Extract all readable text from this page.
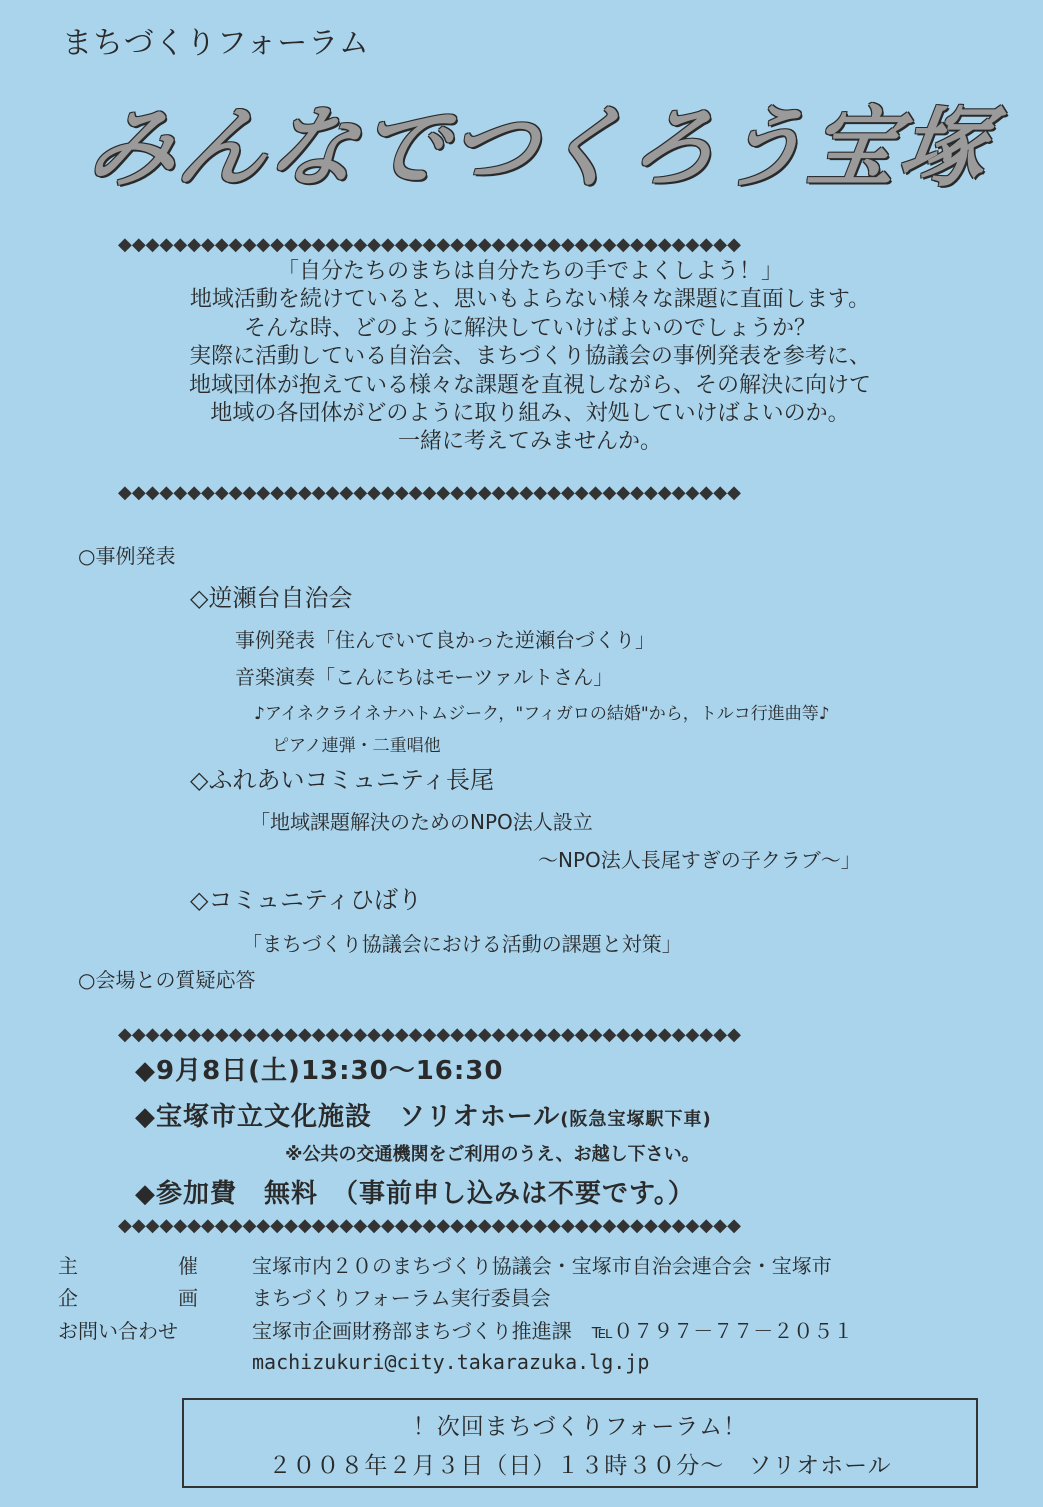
まちづくりフォーラム
みんなでつくろう宝塚
◆◆◆◆◆◆◆◆◆◆◆◆◆◆◆◆◆◆◆◆◆◆◆◆◆◆◆◆◆◆◆◆◆◆◆◆◆◆◆◆◆◆◆◆◆
「自分たちのまちは自分たちの手でよくしよう！」
地域活動を続けていると、思いもよらない様々な課題に直面します。
そんな時、どのように解決していけばよいのでしょうか？
実際に活動している自治会、まちづくり協議会の事例発表を参考に、
地域団体が抱えている様々な課題を直視しながら、その解決に向けて
地域の各団体がどのように取り組み、対処していけばよいのか。
一緒に考えてみませんか。
◆◆◆◆◆◆◆◆◆◆◆◆◆◆◆◆◆◆◆◆◆◆◆◆◆◆◆◆◆◆◆◆◆◆◆◆◆◆◆◆◆◆◆◆◆
○事例発表
◇逆瀬台自治会
事例発表「住んでいて良かった逆瀬台づくり」
音楽演奏「こんにちはモーツァルトさん」
♪アイネクライネナハトムジーク，"フィガロの結婚"から，トルコ行進曲等♪
ピアノ連弾・二重唱他
◇ふれあいコミュニティ長尾
「地域課題解決のためのNPO法人設立
～NPO法人長尾すぎの子クラブ～」
◇コミュニティひばり
「まちづくり協議会における活動の課題と対策」
○会場との質疑応答
◆◆◆◆◆◆◆◆◆◆◆◆◆◆◆◆◆◆◆◆◆◆◆◆◆◆◆◆◆◆◆◆◆◆◆◆◆◆◆◆◆◆◆◆◆
◆9月8日(土)13:30～16:30
◆宝塚市立文化施設　ソリオホール(阪急宝塚駅下車)
※公共の交通機関をご利用のうえ、お越し下さい。
◆参加費　無料　（事前申し込みは不要です。）
◆◆◆◆◆◆◆◆◆◆◆◆◆◆◆◆◆◆◆◆◆◆◆◆◆◆◆◆◆◆◆◆◆◆◆◆◆◆◆◆◆◆◆◆◆
主	催	宝塚市内２０のまちづくり協議会・宝塚市自治会連合会・宝塚市
企	画	まちづくりフォーラム実行委員会
お問い合わせ	宝塚市企画財務部まちづくり推進課　℡０７９７－７７－２０５１
machizukuri@city.takarazuka.lg.jp
！次回まちづくりフォーラム！
２００８年２月３日（日）１３時３０分～　ソリオホール
